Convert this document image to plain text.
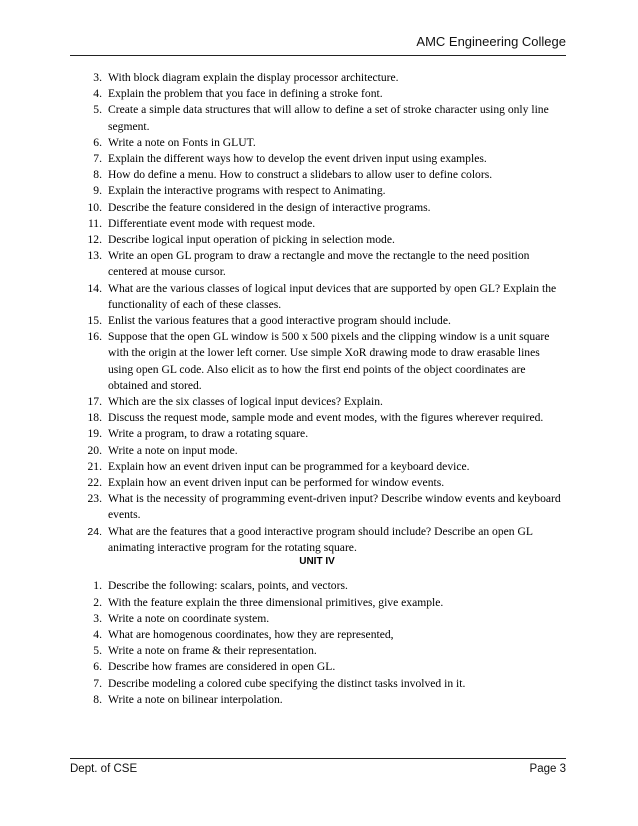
AMC Engineering College
3. With block diagram explain the display processor architecture.
4. Explain the problem that you face in defining a stroke font.
5. Create a simple data structures that will allow to define a set of stroke character using only line segment.
6. Write a note on Fonts in GLUT.
7. Explain the different ways how to develop the event driven input using examples.
8. How do define a menu. How to construct a slidebars to allow user to define colors.
9. Explain the interactive programs with respect to Animating.
10. Describe the feature considered in the design of interactive programs.
11. Differentiate event mode with request mode.
12. Describe logical input operation of picking in selection mode.
13. Write an open GL program to draw a rectangle and move the rectangle to the need position centered at mouse cursor.
14. What are the various classes of logical input devices that are supported by open GL? Explain the functionality of each of these classes.
15. Enlist the various features that a good interactive program should include.
16. Suppose that the open GL window is 500 x 500 pixels and the clipping window is a unit square with the origin at the lower left corner. Use simple XoR drawing mode to draw erasable lines using open GL code. Also elicit as to how the first end points of the object coordinates are obtained and stored.
17. Which are the six classes of logical input devices? Explain.
18. Discuss the request mode, sample mode and event modes, with the figures wherever required.
19. Write a program, to draw a rotating square.
20. Write a note on input mode.
21. Explain how an event driven input can be programmed for a keyboard device.
22. Explain how an event driven input can be performed for window events.
23. What is the necessity of programming event-driven input? Describe window events and keyboard events.
24. What are the features that a good interactive program should include? Describe an open GL animating interactive program for the rotating square.
UNIT IV
1. Describe the following: scalars, points, and vectors.
2. With the feature explain the three dimensional primitives, give example.
3. Write a note on coordinate system.
4. What are homogenous coordinates, how they are represented,
5. Write a note on frame & their representation.
6. Describe how frames are considered in open GL.
7. Describe modeling a colored cube specifying the distinct tasks involved in it.
8. Write a note on bilinear interpolation.
Dept. of CSE	Page 3
